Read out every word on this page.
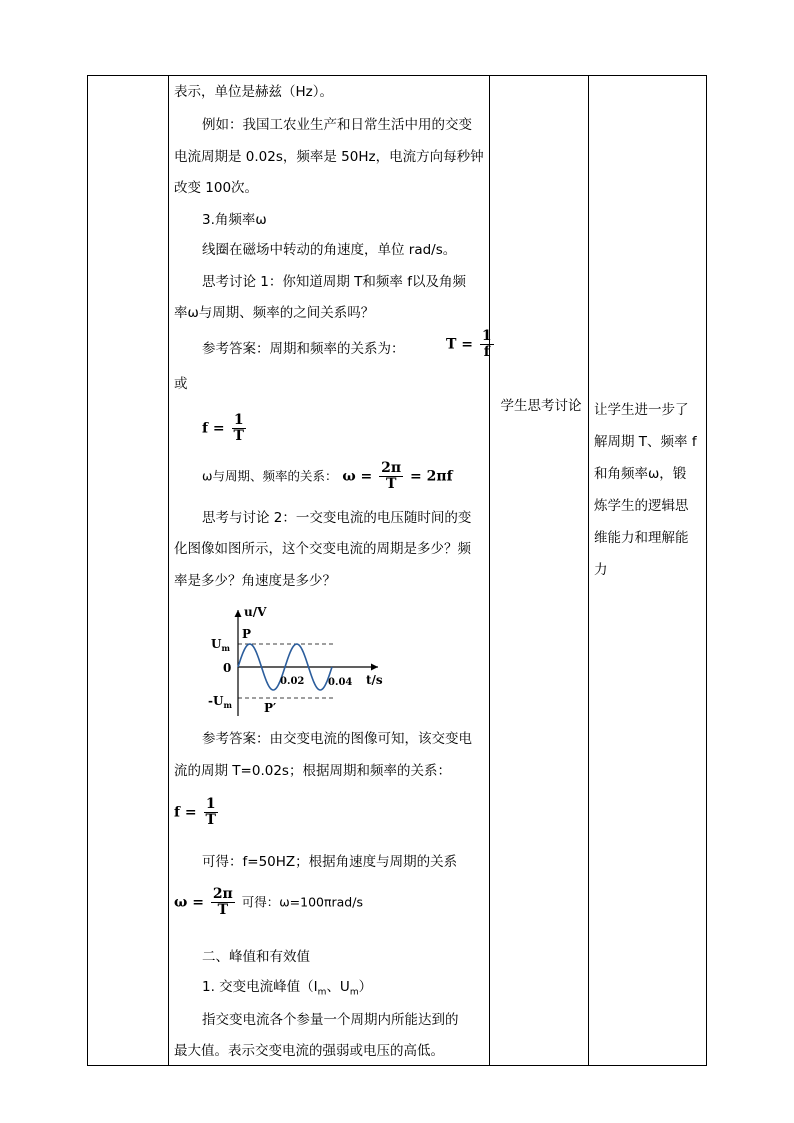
表示，单位是赫兹（Hz）。
例如：我国工农业生产和日常生活中用的交变
电流周期是 0.02s，频率是 50Hz，电流方向每秒钟
改变 100次。
3.角频率ω
线圈在磁场中转动的角速度，单位 rad/s。
思考讨论 1：你知道周期 T和频率 f以及角频
率ω与周期、频率的之间关系吗？
参考答案：周期和频率的关系为：	$T = \frac{1}{f}$
或
$f = \frac{1}{T}$
ω与周期、频率的关系： $\omega = \frac{2\pi}{T} = 2\pi f$
思考与讨论 2：一交变电流的电压随时间的变
化图像如图所示，这个交变电流的周期是多少？频
率是多少？角速度是多少？
u/V
$U_m$
P
0
$-U_m$	P′
0.02 0.04 t/s
参考答案：由交变电流的图像可知，该交变电
流的周期 T=0.02s；根据周期和频率的关系：
$f = \frac{1}{T}$
可得：f=50HZ；根据角速度与周期的关系
$\omega = \frac{2\pi}{T}$ 可得：ω=100πrad/s
二、峰值和有效值
1. 交变电流峰值（$I_m$、$U_m$）
指交变电流各个参量一个周期内所能达到的
最大值。表示交变电流的强弱或电压的高低。
学生思考讨论 让学生进一步了
解周期 T、频率 f
和角频率ω，锻
炼学生的逻辑思
维能力和理解能
力
